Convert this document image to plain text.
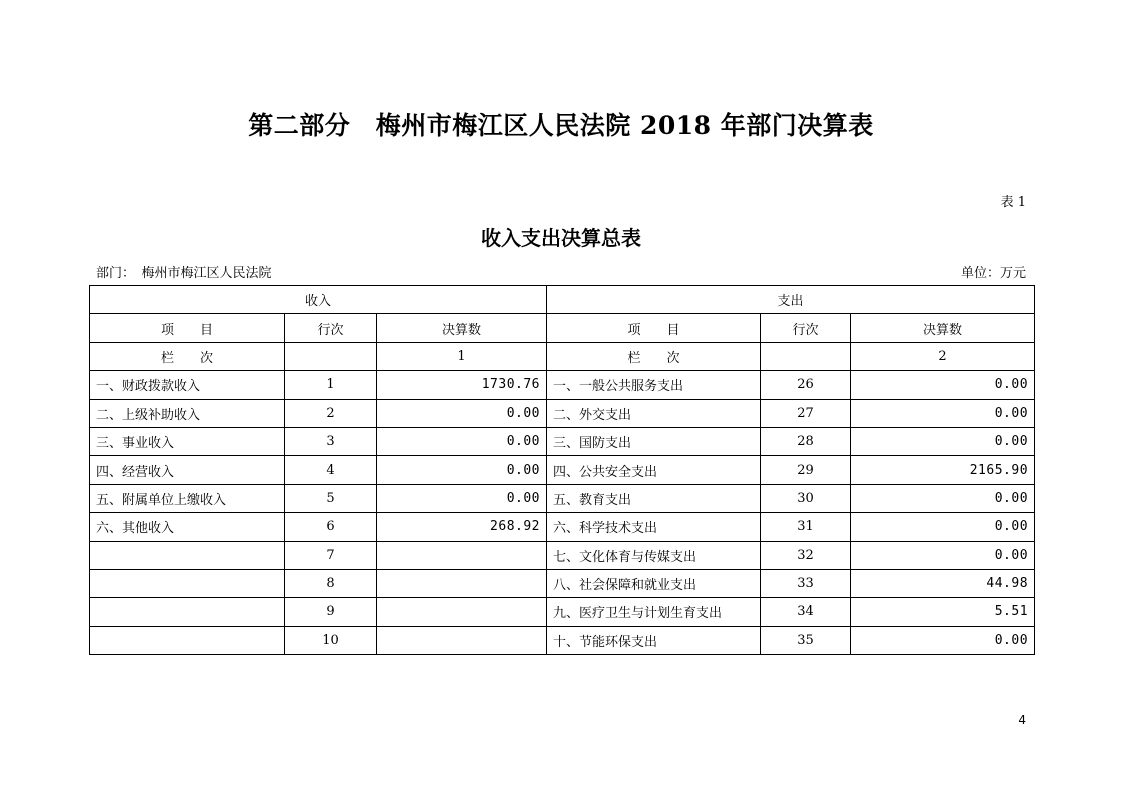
第二部分　梅州市梅江区人民法院 2018 年部门决算表
表 1
收入支出决算总表
部门：　梅州市梅江区人民法院	单位：万元
收入			支出		
项　　目	行次	决算数	项　　目	行次	决算数
栏　　次		1	栏　　次		2
一、财政拨款收入	1	1730.76	一、一般公共服务支出	26	0.00
二、上级补助收入	2	0.00	二、外交支出	27	0.00
三、事业收入	3	0.00	三、国防支出	28	0.00
四、经营收入	4	0.00	四、公共安全支出	29	2165.90
五、附属单位上缴收入	5	0.00	五、教育支出	30	0.00
六、其他收入	6	268.92	六、科学技术支出	31	0.00
	7		七、文化体育与传媒支出	32	0.00
	8		八、社会保障和就业支出	33	44.98
	9		九、医疗卫生与计划生育支出	34	5.51
	10		十、节能环保支出	35	0.00
4
